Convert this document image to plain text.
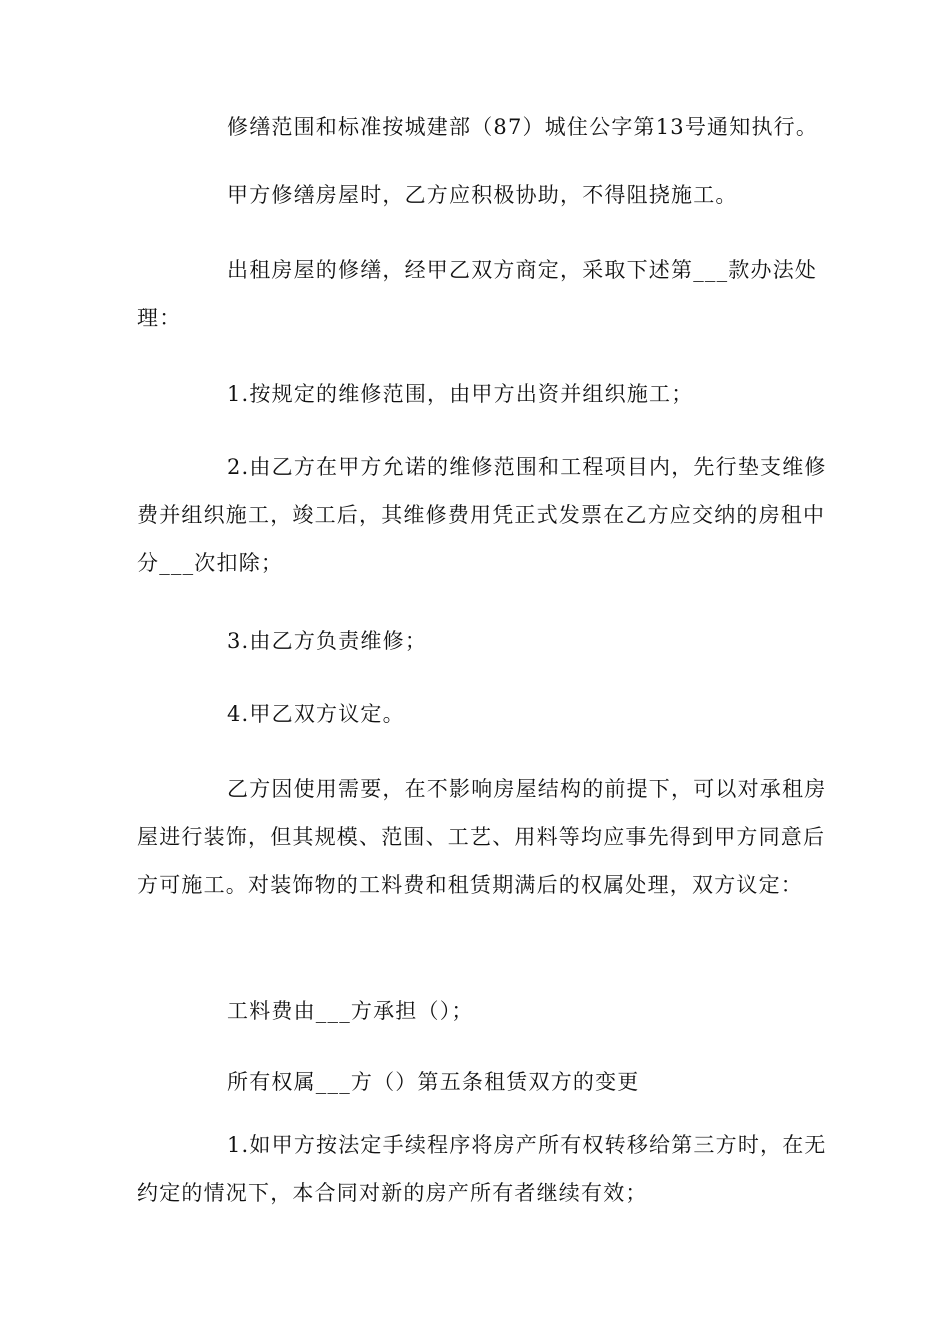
修缮范围和标准按城建部（87）城住公字第13号通知执行。

甲方修缮房屋时，乙方应积极协助，不得阻挠施工。

出租房屋的修缮，经甲乙双方商定，采取下述第___款办法处理：

1.按规定的维修范围，由甲方出资并组织施工；

2.由乙方在甲方允诺的维修范围和工程项目内，先行垫支维修费并组织施工，竣工后，其维修费用凭正式发票在乙方应交纳的房租中分___次扣除；

3.由乙方负责维修；

4.甲乙双方议定。

乙方因使用需要，在不影响房屋结构的前提下，可以对承租房屋进行装饰，但其规模、范围、工艺、用料等均应事先得到甲方同意后方可施工。对装饰物的工料费和租赁期满后的权属处理，双方议定：

工料费由___方承担（）；

所有权属___方（）第五条租赁双方的变更

1.如甲方按法定手续程序将房产所有权转移给第三方时，在无约定的情况下，本合同对新的房产所有者继续有效；
